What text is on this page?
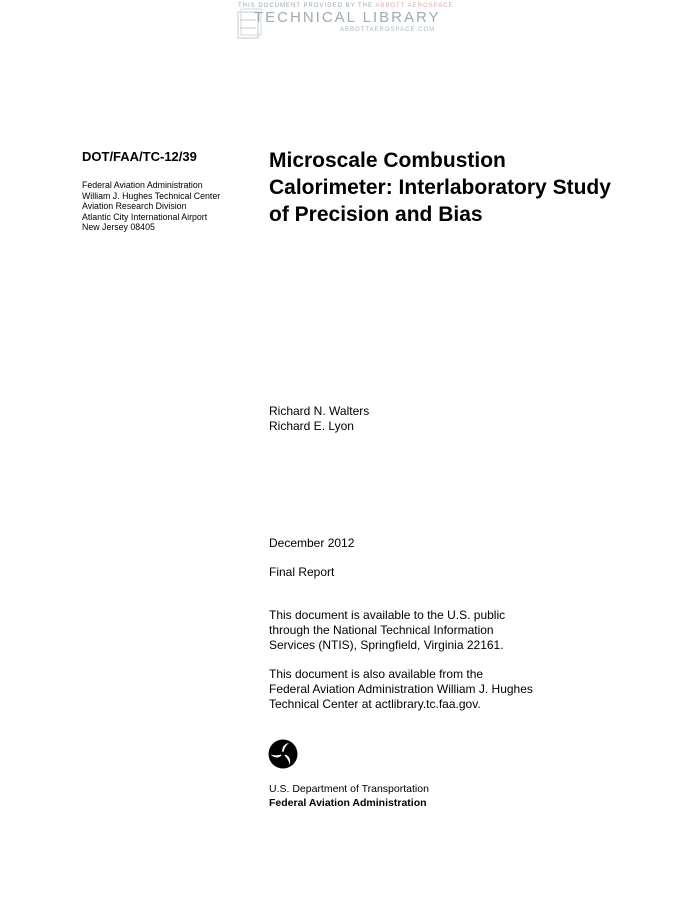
THIS DOCUMENT PROVIDED BY THE ABBOTT AEROSPACE
TECHNICAL LIBRARY
ABBOTTAEROSPACE.COM
DOT/FAA/TC-12/39
Federal Aviation Administration
William J. Hughes Technical Center
Aviation Research Division
Atlantic City International Airport
New Jersey 08405
Microscale Combustion
Calorimeter: Interlaboratory Study
of Precision and Bias
Richard N. Walters
Richard E. Lyon
December 2012
Final Report
This document is available to the U.S. public
through the National Technical Information
Services (NTIS), Springfield, Virginia 22161.
This document is also available from the
Federal Aviation Administration William J. Hughes
Technical Center at actlibrary.tc.faa.gov.
U.S. Department of Transportation
Federal Aviation Administration
